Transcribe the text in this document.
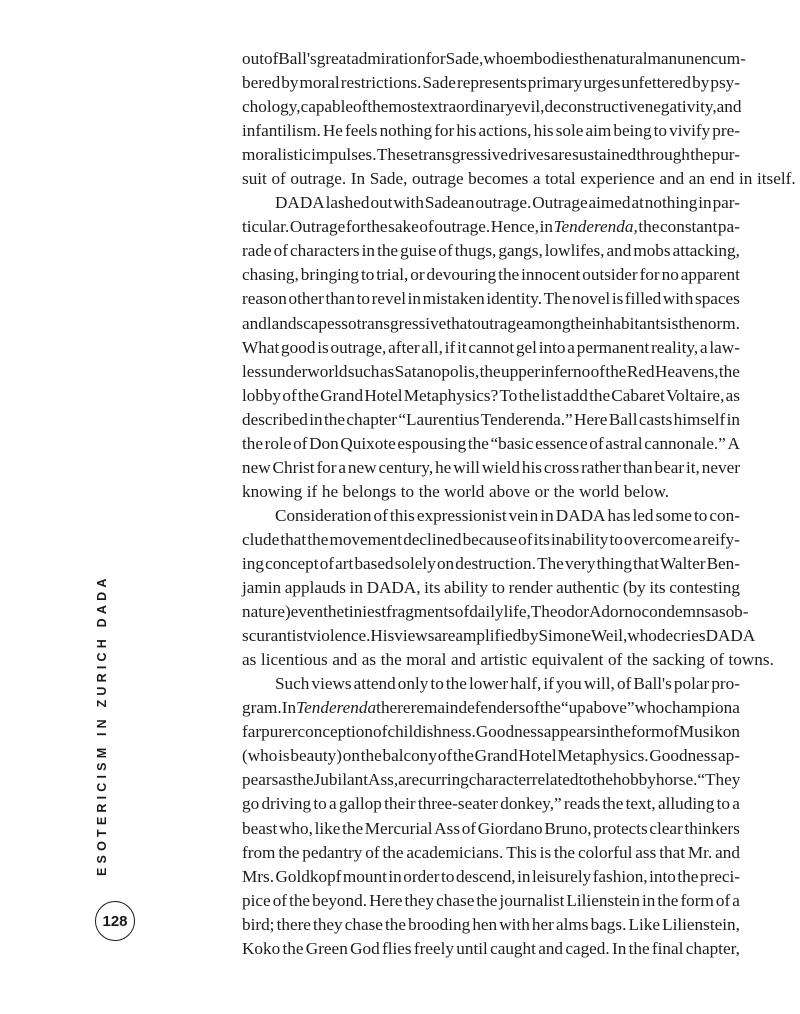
ESOTERICISM IN ZURICH DADA
out of Ball's great admiration for Sade, who embodies the natural man unencum-
bered by moral restrictions. Sade represents primary urges unfettered by psy-
chology, capable of the most extraordinary evil, deconstructive negativity, and
infantilism. He feels nothing for his actions, his sole aim being to vivify pre-
moralistic impulses. These transgressive drives are sustained through the pur-
suit of outrage. In Sade, outrage becomes a total experience and an end in itself.
DADA lashed out with Sadean outrage. Outrage aimed at nothing in par-
ticular. Outrage for the sake of outrage. Hence, in Tenderenda, the constant pa-
rade of characters in the guise of thugs, gangs, lowlifes, and mobs attacking,
chasing, bringing to trial, or devouring the innocent outsider for no apparent
reason other than to revel in mistaken identity. The novel is filled with spaces
and landscapes so transgressive that outrage among the inhabitants is the norm.
What good is outrage, after all, if it cannot gel into a permanent reality, a law-
less underworld such as Satanopolis, the upper inferno of the Red Heavens, the
lobby of the Grand Hotel Metaphysics? To the list add the Cabaret Voltaire, as
described in the chapter “Laurentius Tenderenda.” Here Ball casts himself in
the role of Don Quixote espousing the “basic essence of astral cannonale.” A
new Christ for a new century, he will wield his cross rather than bear it, never
knowing if he belongs to the world above or the world below.
Consideration of this expressionist vein in DADA has led some to con-
clude that the movement declined because of its inability to overcome a reify-
ing concept of art based solely on destruction. The very thing that Walter Ben-
jamin applauds in DADA, its ability to render authentic (by its contesting
nature) even the tiniest fragments of daily life, Theodor Adorno condemns as ob-
scurantist violence. His views are amplified by Simone Weil, who decries DADA
as licentious and as the moral and artistic equivalent of the sacking of towns.
Such views attend only to the lower half, if you will, of Ball's polar pro-
gram. In Tenderenda there remain defenders of the “up above” who champion a
far purer conception of childishness. Goodness appears in the form of Musikon
(who is beauty) on the balcony of the Grand Hotel Metaphysics. Goodness ap-
pears as the Jubilant Ass, a recurring character related to the hobbyhorse. “They
go driving to a gallop their three-seater donkey,” reads the text, alluding to a
beast who, like the Mercurial Ass of Giordano Bruno, protects clear thinkers
from the pedantry of the academicians. This is the colorful ass that Mr. and
Mrs. Goldkopf mount in order to descend, in leisurely fashion, into the preci-
pice of the beyond. Here they chase the journalist Lilienstein in the form of a
bird; there they chase the brooding hen with her alms bags. Like Lilienstein,
Koko the Green God flies freely until caught and caged. In the final chapter,
128
